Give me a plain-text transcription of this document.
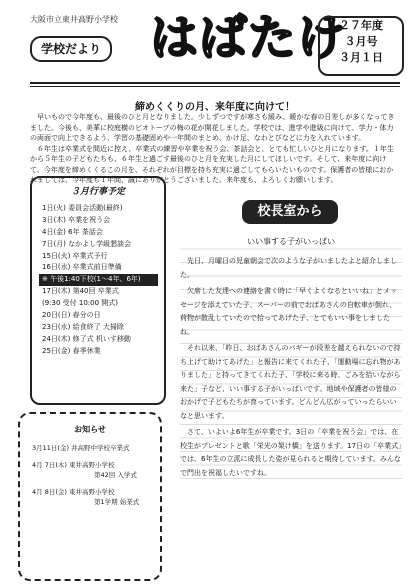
大阪市立東井高野小学校
学校だより はばたけ
２７年度
３月号
３月１日
締めくくりの月、来年度に向けて！

早いもので今年度も、最後のひと月となりました。少しずつですが寒さも緩み、暖かな春の日差しが多くなってきました。今後も、美華に校庭横のビオトープの梅の花が開花しました。学校では、進学や進級に向けて、学力・体力の両面で向上できるよう、学習の基礎固めや一年間のまとめ、かけ足、なわとびなどに力を入れています。

６年生は卒業式を間近に控え、卒業式の練習や卒業を祝う会、茶話会と、とても忙しいひと月になります。１年生から５年生の子どもたちも、６年生と過ごす最後のひと月を充実した月にしてほしいです。そして、来年度に向けて、今年度を締めくくるこの月を、それぞれが目標を持ち充実に過ごしてもらいたいものです。保護者の皆様におかれましては、今年度も１年間、誠にありがとうございました。来年度も、よろしくお願いします。

３月行事予定
1日(火) 委員会活動(最終)
3日(木) 卒業を祝う会
4日(金) 6年 茶話会
7日(月) なかよし学級懇談会
15日(火) 卒業式予行
16日(水) 卒業式前日準備
※ 午後1:40下校(1～4年、6年)
17日(木) 第40回 卒業式
(9:30 受付 10:00 開式)
20日(日) 春分の日
23日(水) 給食終了 大掃除
24日(木) 修了式 机いす移動
25日(金) 春季休業
お知らせ
3月11日(金) 井高野中学校卒業式
4月 7日(木) 東井高野小学校
第42回 入学式
4月 8日(金) 東井高野小学校
第1学期 始業式
校長室から
いい事する子がいっぱい

先日、月曜日の児童朝会で次のような子がいましたよと紹介しました。

欠席した友達への連絡を書く時に「早くよくなるといいね」とメッセージを添えていた子、スーパーの前でおばあさんの自転車が倒れ、荷物が散乱していたので拾ってあげた子、とてもいい事をしましたね。

それ以来、「昨日、おばあさんのバギーが段差を越えられないので持ち上げて助けてあげた」と報告に来てくれた子、「運動場に忘れ物がありました」と持ってきてくれた子、「学校に来る時、ごみを拾いながら来た」子など、いい事する子がいっぱいです。地域や保護者の皆様のおかげで子どもたちが育っています。どんどん広がっていったらいいなと思います。

さて、いよいよ6年生が卒業です。3日の「卒業を祝う会」では、在校生がプレゼントと歌「栄光の架け橋」を送ります。17日の「卒業式」では、6年生の立派に成長した姿が見られると期待しています。みんなで門出を祝福したいですね。
